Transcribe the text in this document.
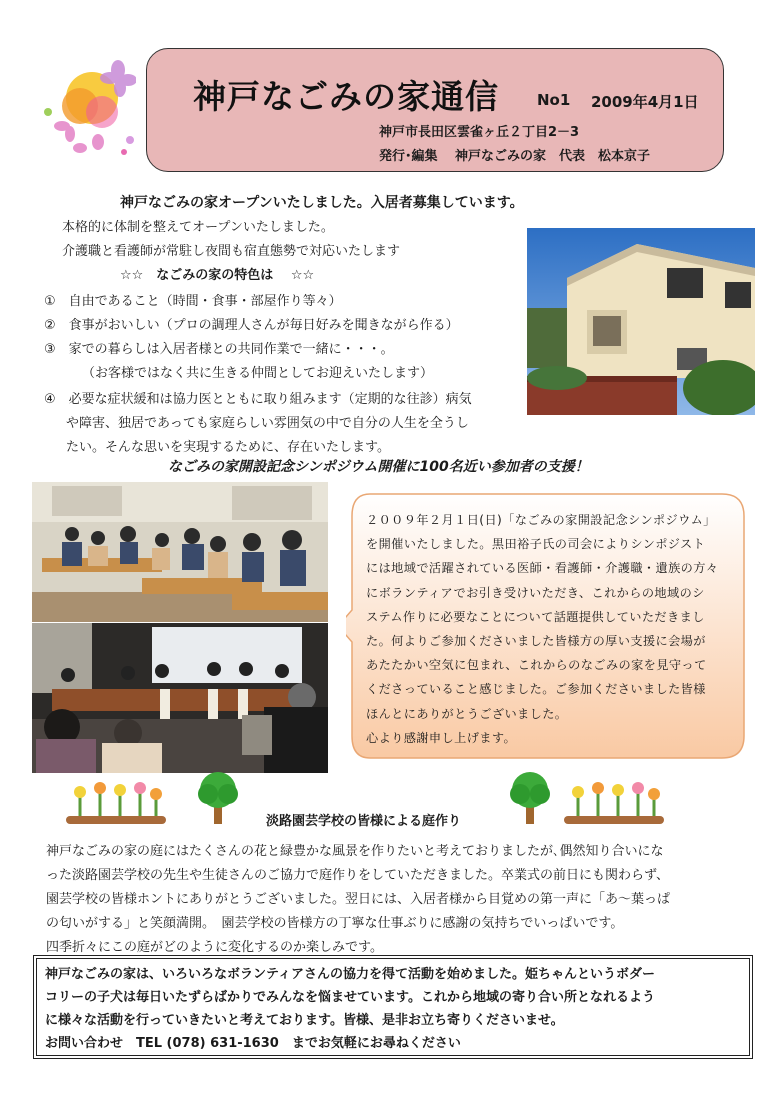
神戸なごみの家通信	No1 2009年4月1日
神戸市長田区雲雀ヶ丘２丁目2－3
発行･編集　 神戸なごみの家　代表　松本京子
神戸なごみの家オープンいたしました。入居者募集しています。
本格的に体制を整えてオープンいたしました。
介護職と看護師が常駐し夜間も宿直態勢で対応いたします
☆☆　なごみの家の特色は　 ☆☆
①　自由であること（時間・食事・部屋作り等々）
②　食事がおいしい（プロの調理人さんが毎日好みを聞きながら作る）
③　家での暮らしは入居者様との共同作業で一緒に・・・。
（お客様ではなく共に生きる仲間としてお迎えいたします）
④　必要な症状緩和は協力医とともに取り組みます（定期的な往診）病気
や障害、独居であっても家庭らしい雰囲気の中で自分の人生を全うし
たい。そんな思いを実現するために、存在いたします。
なごみの家開設記念シンポジウム開催に100名近い参加者の支援！
２００９年２月１日(日)「なごみの家開設記念シンポジウム」
を開催いたしました。黒田裕子氏の司会によりシンポジスト
には地域で活躍されている医師・看護師・介護職・遺族の方々
にボランティアでお引き受けいただき、これからの地域のシ
ステム作りに必要なことについて話題提供していただきまし
た。何よりご参加くださいました皆様方の厚い支援に会場が
あたたかい空気に包まれ、これからのなごみの家を見守って
くださっていること感じました。ご参加くださいました皆様
ほんとにありがとうございました。
心より感謝申し上げます。
淡路園芸学校の皆様による庭作り
神戸なごみの家の庭にはたくさんの花と緑豊かな風景を作りたいと考えておりましたが､偶然知り合いにな
った淡路園芸学校の先生や生徒さんのご協力で庭作りをしていただきました。卒業式の前日にも関わらず、
園芸学校の皆様ホントにありがとうございました。翌日には、入居者様から目覚めの第一声に「あ～葉っぱ
の匂いがする」と笑顔満開。　園芸学校の皆様方の丁寧な仕事ぶりに感謝の気持ちでいっぱいです。
四季折々にこの庭がどのように変化するのか楽しみです。
神戸なごみの家は、いろいろなボランティアさんの協力を得て活動を始めました。姫ちゃんというボダー
コリーの子犬は毎日いたずらばかりでみんなを悩ませています。これから地域の寄り合い所となれるよう
に様々な活動を行っていきたいと考えております。皆様、是非お立ち寄りくださいませ。
お問い合わせ　TEL (078) 631-1630　までお気軽にお尋ねください
